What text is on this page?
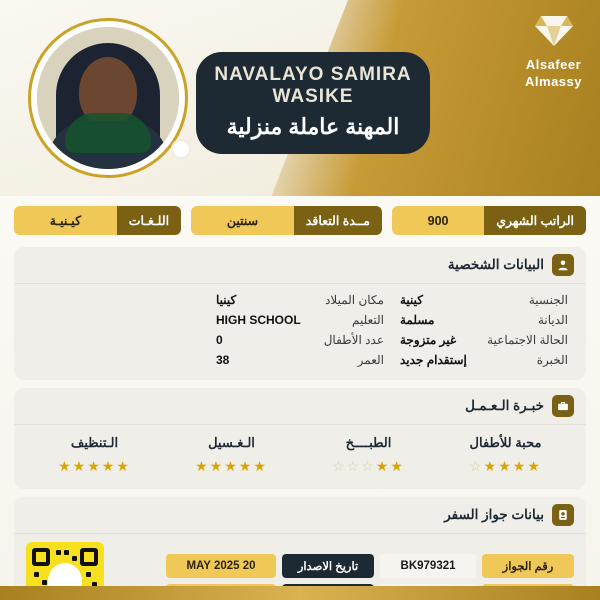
NAVALAYO SAMIRA WASIKE
المهنة عاملة منزلية
Alsafeer
Almassy
الراتب الشهري
900
مــدة التعاقد
سنتين
اللـغـات
كيـنيـة
البيانات الشخصية
الجنسية
كينية
مكان الميلاد
كينيا
الديانة
مسلمة
التعليم
HIGH SCHOOL
الحالة الاجتماعية
غير متزوجة
عدد الأطفال
0
الخبرة
إستقدام جديد
العمر
38
خبـرة الـعـمـل
محبة للأطفال
★★★★☆
الطبــــخ
★★☆☆☆
الـغـسيل
★★★★★
الـتنظيف
★★★★★
بيانات جواز السفر
رقم الجواز
BK979321
تاريخ الاصدار
20 MAY 2025
